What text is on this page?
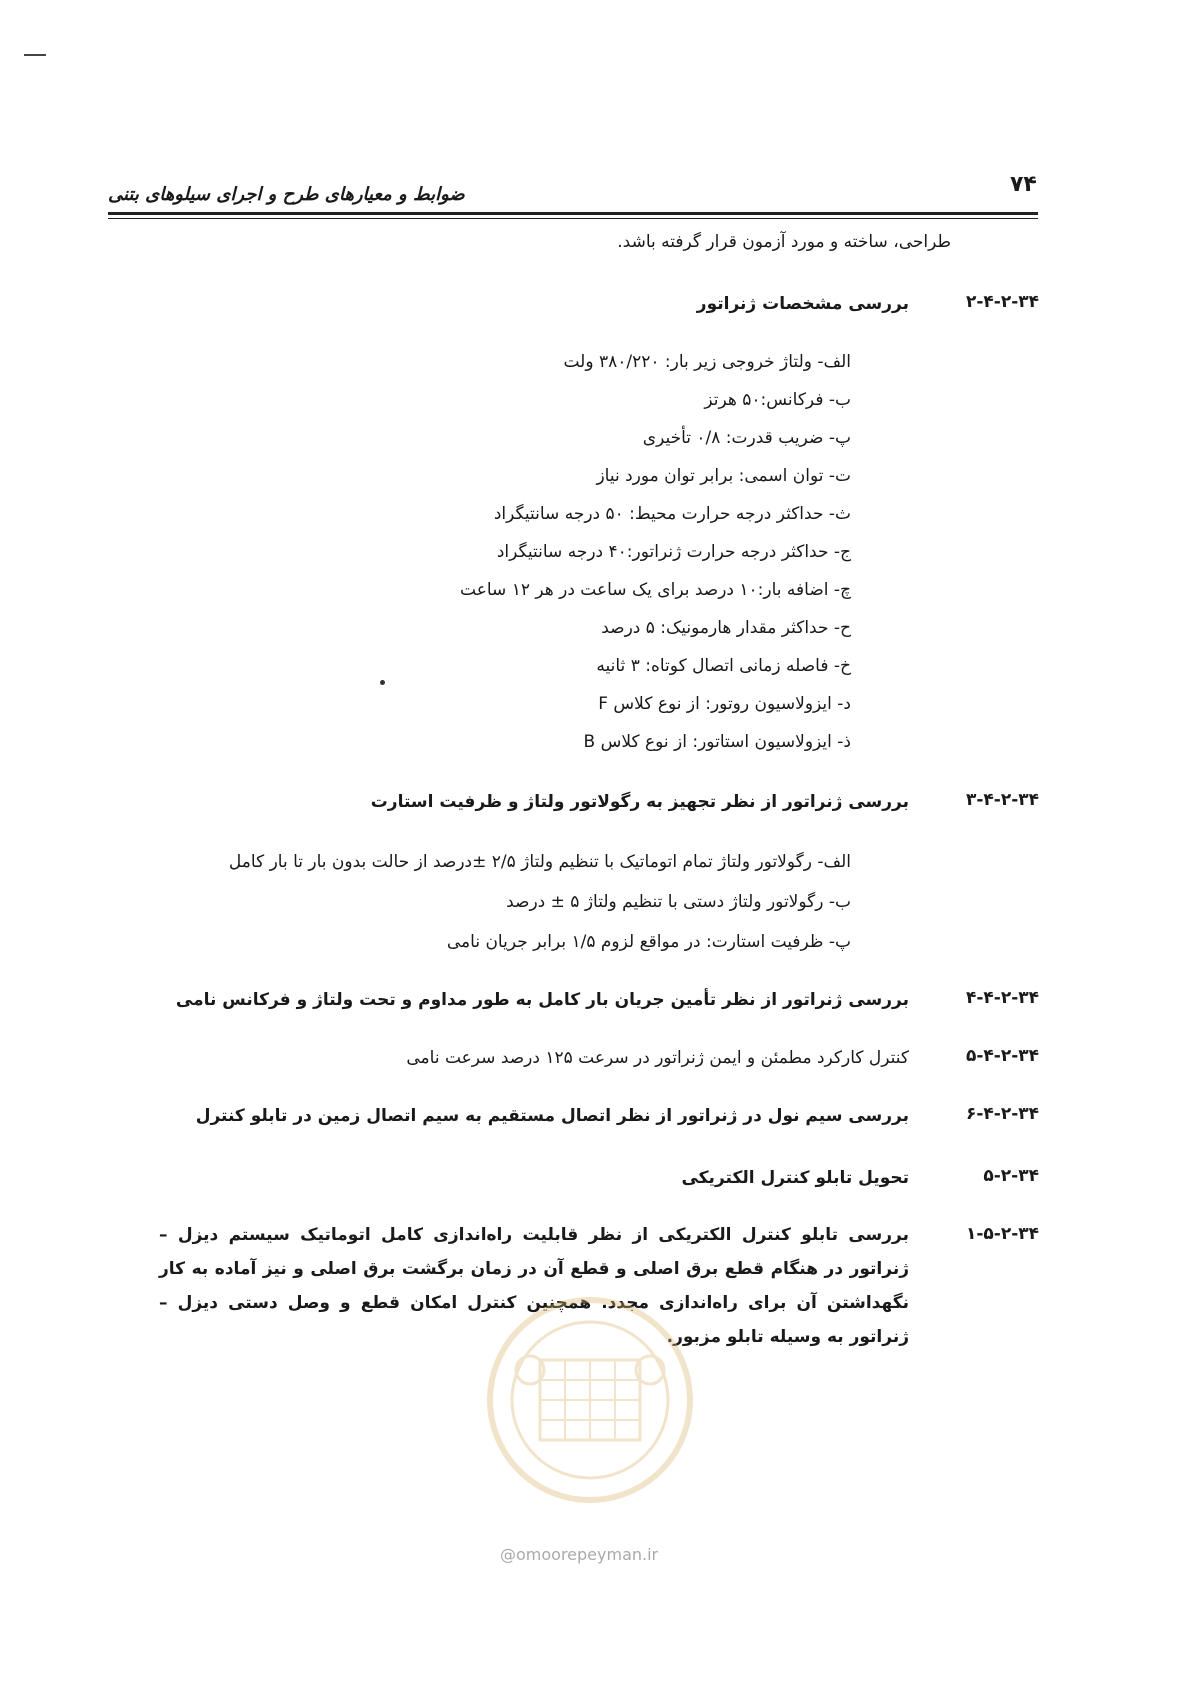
۷۴
ضوابط و معیارهای طرح و اجرای سیلوهای بتنی
طراحی، ساخته و مورد آزمون قرار گرفته باشد.
۲-۴-۲-۳۴
بررسی مشخصات ژنراتور
الف- ولتاژ خروجی زیر بار: ۳۸۰/۲۲۰ ولت
ب- فرکانس:۵۰ هرتز
پ- ضریب قدرت: ۰/۸ تأخیری
ت- توان اسمی: برابر توان مورد نیاز
ث- حداکثر درجه حرارت محیط: ۵۰ درجه سانتیگراد
ج- حداکثر درجه حرارت ژنراتور:۴۰ درجه سانتیگراد
چ- اضافه بار:۱۰ درصد برای یک ساعت در هر ۱۲ ساعت
ح- حداکثر مقدار هارمونیک: ۵ درصد
خ- فاصله زمانی اتصال کوتاه: ۳ ثانیه
د- ایزولاسیون روتور: از نوع کلاس F
ذ- ایزولاسیون استاتور: از نوع کلاس B
۳-۴-۲-۳۴
بررسی ژنراتور از نظر تجهیز به رگولاتور ولتاژ و ظرفیت استارت
الف- رگولاتور ولتاژ تمام اتوماتیک با تنظیم ولتاژ ۲/۵ ±درصد از حالت بدون بار تا بار کامل
ب- رگولاتور ولتاژ دستی با تنظیم ولتاژ ۵ ± درصد
پ- ظرفیت استارت: در مواقع لزوم ۱/۵ برابر جریان نامی
۴-۴-۲-۳۴
بررسی ژنراتور از نظر تأمین جریان بار کامل به طور مداوم و تحت ولتاژ و فرکانس نامی
۵-۴-۲-۳۴
کنترل کارکرد مطمئن و ایمن ژنراتور در سرعت ۱۲۵ درصد سرعت نامی
۶-۴-۲-۳۴
بررسی سیم نول در ژنراتور از نظر اتصال مستقیم به سیم اتصال زمین در تابلو کنترل
۵-۲-۳۴
تحویل تابلو کنترل الکتریکی
۱-۵-۲-۳۴
بررسی تابلو کنترل الکتریکی از نظر قابلیت راه‌اندازی کامل اتوماتیک سیستم دیزل – ژنراتور در هنگام قطع برق اصلی و قطع آن در زمان برگشت برق اصلی و نیز آماده به کار نگهداشتن آن برای راه‌اندازی مجدد. همچنین کنترل امکان قطع و وصل دستی دیزل – ژنراتور به وسیله تابلو مزبور.
@omoorepeyman.ir
